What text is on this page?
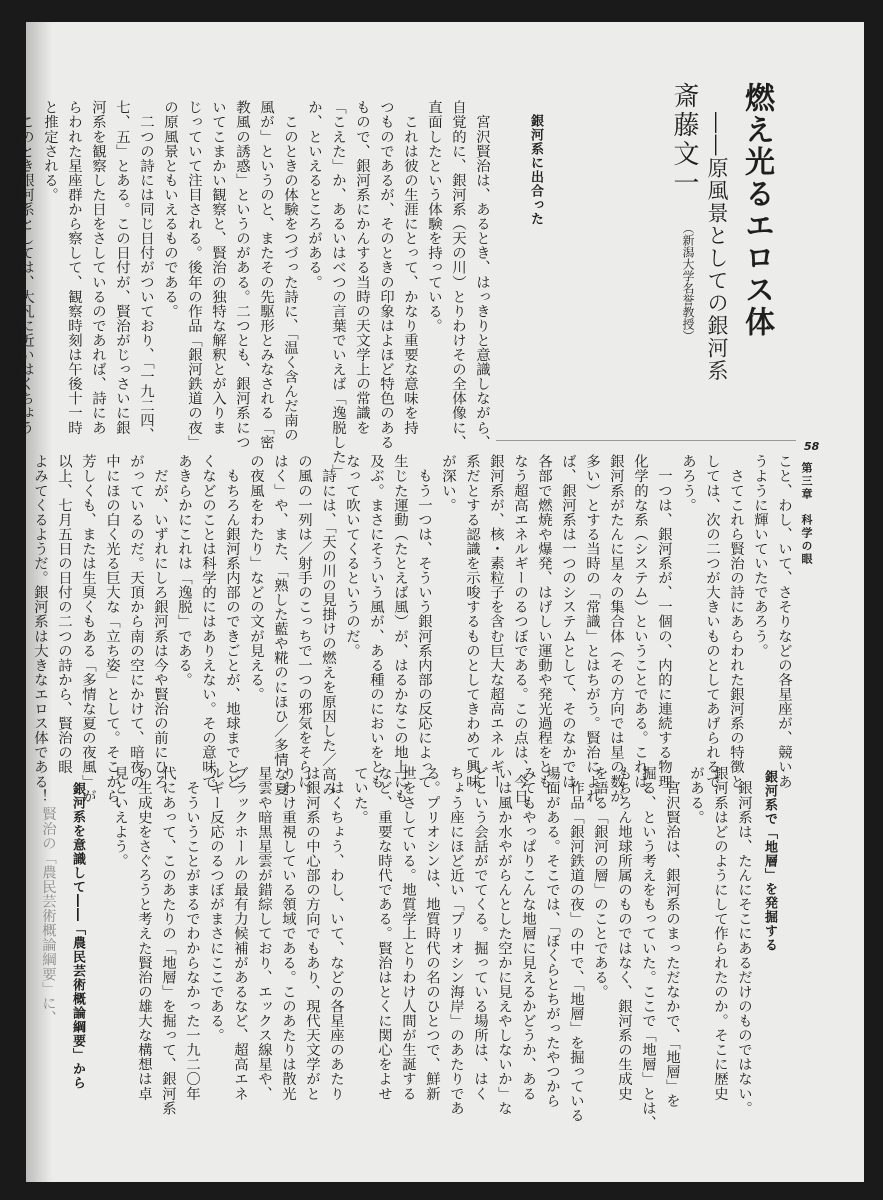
58
第三章　科学の眼
燃え光るエロス体
――原風景としての銀河系
斎藤文一
（新潟大学名誉教授）
銀河系に出合った
　宮沢賢治は、あるとき、はっきりと意識しながら、
自覚的に、銀河系（天の川）とりわけその全体像に、
直面したという体験を持っている。
　これは彼の生涯にとって、かなり重要な意味を持
つものであるが、そのときの印象はよほど特色のある
もので、銀河系にかんする当時の天文学上の常識を
「こえた」か、あるいはべつの言葉でいえば「逸脱した」
か、といえるところがある。
　このときの体験をつづった詩に、「温く含んだ南の
風が」というのと、またその先駆形とみなされる「密
教風の誘惑」というのがある。二つとも、銀河系につ
いてこまかい観察と、賢治の独特な解釈とが入りま
じっていて注目される。後年の作品「銀河鉄道の夜」
の原風景ともいえるものである。
　二つの詩には同じ日付がついており、「一九二四、
七、五」とある。この日付が、賢治がじっさいに銀
河系を観察した日をさしているのであれば、詩にあ
らわれた星座群から察して、観察時刻は午後十一時
と推定される。
　このとき銀河系としては、大凡に近いはくちょう
こと、わし、いて、さそりなどの各星座が、競いあ
うように輝いていたであろう。
　さてこれら賢治の詩にあらわれた銀河系の特徴と
しては、次の二つが大きいものとしてあげられるで
あろう。
　一つは、銀河系が、一個の、内的に連続する物理
化学的な系（システム）ということである。これは、
銀河系がたんに星々の集合体（その方向では星の数が
多い）とする当時の「常識」とはちがう。賢治によれ
ば、銀河系は一つのシステムとして、そのなかでは
各部で燃焼や爆発、はげしい運動や発光過程をとも
なう超高エネルギーのるつぼである。この点は、今日、
銀河系が、核・素粒子を含む巨大な超高エネルギー
系だとする認識を示唆するものとしてきわめて興味
が深い。
　もう一つは、そういう銀河系内部の反応によって
生じた運動（たとえば風）が、はるかなこの地上にも
及ぶ。まさにそういう風が、ある種のにおいをとも
なって吹いてくるというのだ。
　詩には、「天の川の見掛けの燃えを原因した／高み
の風の一列は／射手のこっちで一つの邪気をそらに
はく」や、また、「熟した藍や糀のにほひ／多情な夏
の夜風をわたり」などの文が見える。
　もちろん銀河系内部のできごとが、地球までとど
くなどのことは科学的にはありえない。その意味で
あきらかにこれは「逸脱」である。
　だが、いずれにしろ銀河系は今や賢治の前にひろ
がっているのだ。天頂から南の空にかけて、暗夜の
中にほの白く光る巨大な「立ち姿」として。そこから、
芳しくも、または生臭くもある「多情な夏の夜風」が
以上、七月五日の日付の二つの詩から、賢治の眼
よみてくるようだ。銀河系は大きなエロス体である！
銀河系で「地層」を発掘する
　銀河系は、たんにそこにあるだけのものではない。
銀河系はどのようにして作られたのか。そこに歴史
がある。
　宮沢賢治は、銀河系のまっただなかで、「地層」を
掘る、という考えをもっていた。ここで「地層」とは、
もちろん地球所属のものではなく、銀河系の生成史
を語る「銀河の層」のことである。
　作品「銀河鉄道の夜」の中で、「地層」を掘っている
場面がある。そこでは、「ぼくらとちがったやつから
みてもやっぱりこんな地層に見えるかどうか、ある
いは風か水やがらんとした空かに見えやしないか」な
どという会話がでてくる。掘っている場所は、はく
ちょう座にほど近い「プリオシン海岸」のあたりであ
る。プリオシンは、地質時代の名のひとつで、鮮新
世をさしている。地質学上とりわけ人間が生誕する
など、重要な時代である。賢治はとくに関心をよせ
ていた。
　はくちょう、わし、いて、などの各星座のあたり
は銀河系の中心部の方向でもあり、現代天文学がと
りわけ重視している領域である。このあたりは散光
星雲や暗黒星雲が錯綜しており、エックス線星や、
ブラックホールの最有力候補があるなど、超高エネ
ルギー反応のるつぼがまさにここである。
　そういうことがまるでわからなかった一九二〇年
代にあって、このあたりの「地層」を掘って、銀河系
の生成史をさぐろうと考えた賢治の雄大な構想は卓
見といえよう。
銀河系を意識して――「農民芸術概論綱要」から
　賢治の「農民芸術概論綱要」に、
